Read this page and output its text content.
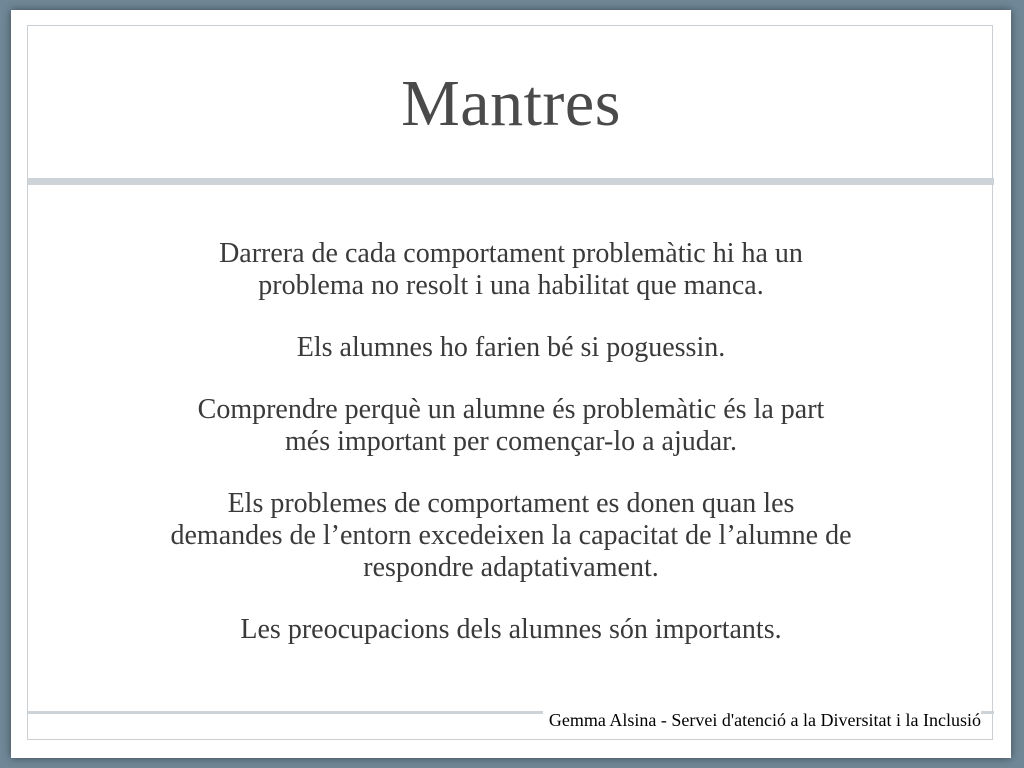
Mantres

Darrera de cada comportament problemàtic hi ha un
problema no resolt i una habilitat que manca.

Els alumnes ho farien bé si poguessin.

Comprendre perquè un alumne és problemàtic és la part
més important per començar-lo a ajudar.

Els problemes de comportament es donen quan les
demandes de l’entorn excedeixen la capacitat de l’alumne de
respondre adaptativament.

Les preocupacions dels alumnes són importants.

Gemma Alsina - Servei d'atenció a la Diversitat i la Inclusió
